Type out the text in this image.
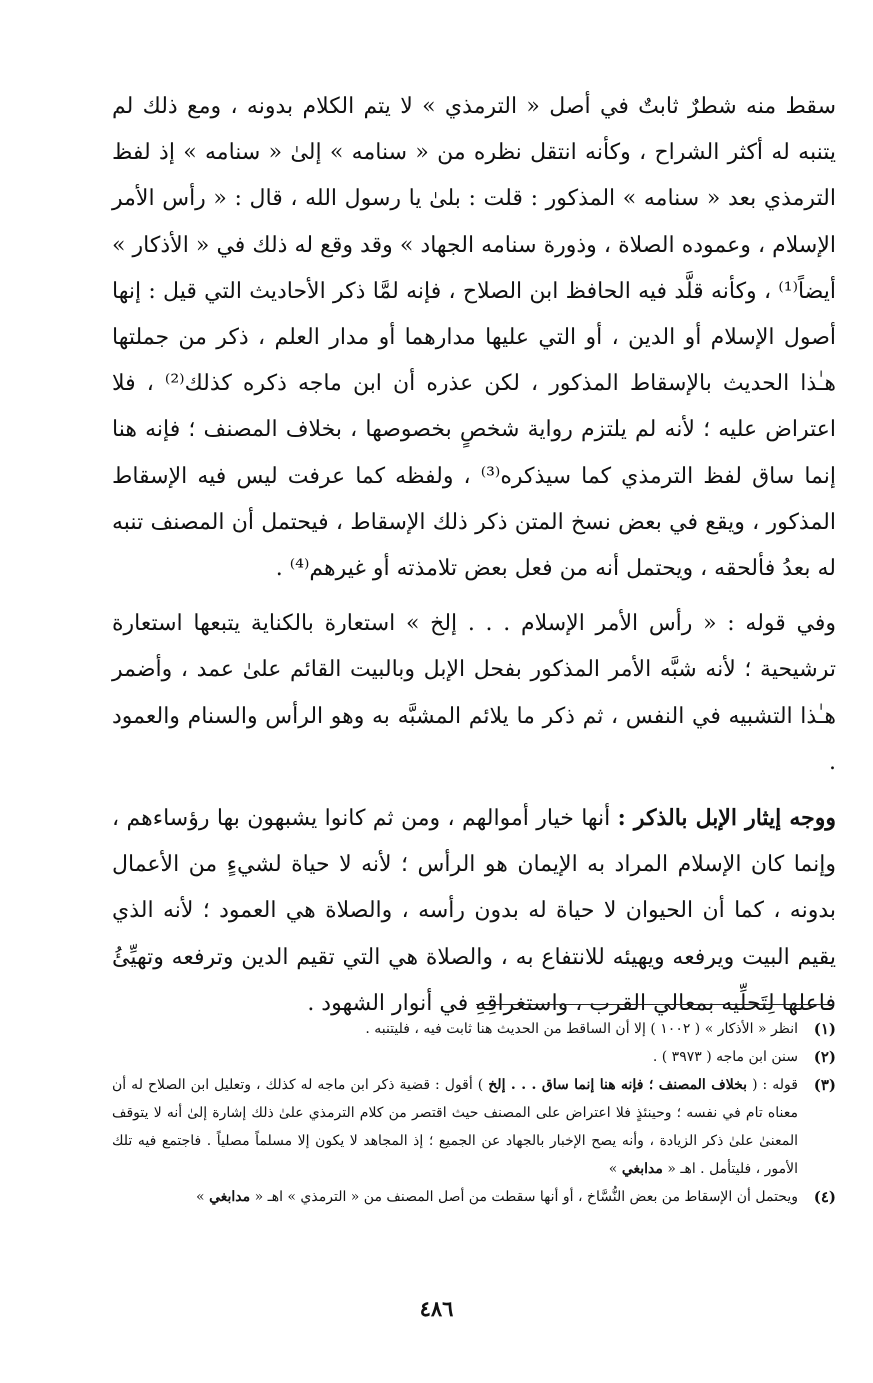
سقط منه شطرٌ ثابتٌ في أصل « الترمذي » لا يتم الكلام بدونه ، ومع ذلك لم يتنبه له أكثر الشراح ، وكأنه انتقل نظره من « سنامه » إلىٰ « سنامه » إذ لفظ الترمذي بعد « سنامه » المذكور : قلت : بلىٰ يا رسول الله ، قال : « رأس الأمر الإسلام ، وعموده الصلاة ، وذورة سنامه الجهاد » وقد وقع له ذلك في « الأذكار » أيضاً⁽¹⁾ ، وكأنه قلَّد فيه الحافظ ابن الصلاح ، فإنه لمَّا ذكر الأحاديث التي قيل : إنها أصول الإسلام أو الدين ، أو التي عليها مدارهما أو مدار العلم ، ذكر من جملتها هـٰذا الحديث بالإسقاط المذكور ، لكن عذره أن ابن ماجه ذكره كذلك⁽²⁾ ، فلا اعتراض عليه ؛ لأنه لم يلتزم رواية شخصٍ بخصوصها ، بخلاف المصنف ؛ فإنه هنا إنما ساق لفظ الترمذي كما سيذكره⁽³⁾ ، ولفظه كما عرفت ليس فيه الإسقاط المذكور ، ويقع في بعض نسخ المتن ذكر ذلك الإسقاط ، فيحتمل أن المصنف تنبه له بعدُ فألحقه ، ويحتمل أنه من فعل بعض تلامذته أو غيرهم⁽⁴⁾ .

وفي قوله : « رأس الأمر الإسلام . . . إلخ » استعارة بالكناية يتبعها استعارة ترشيحية ؛ لأنه شبَّه الأمر المذكور بفحل الإبل وبالبيت القائم علىٰ عمد ، وأضمر هـٰذا التشبيه في النفس ، ثم ذكر ما يلائم المشبَّه به وهو الرأس والسنام والعمود .

ووجه إيثار الإبل بالذكر : أنها خيار أموالهم ، ومن ثم كانوا يشبهون بها رؤساءهم ، وإنما كان الإسلام المراد به الإيمان هو الرأس ؛ لأنه لا حياة لشيءٍ من الأعمال بدونه ، كما أن الحيوان لا حياة له بدون رأسه ، والصلاة هي العمود ؛ لأنه الذي يقيم البيت ويرفعه ويهيئه للانتفاع به ، والصلاة هي التي تقيم الدين وترفعه وتهيِّئُ فاعلها لِتَحلِّيه بمعالي القرب ، واستغراقِهِ في أنوار الشهود .

(١)
انظر « الأذكار » ( ١٠٠٢ ) إلا أن الساقط من الحديث هنا ثابت فيه ، فليتنبه .
(٢)
سنن ابن ماجه ( ٣٩٧٣ ) .
(٣)
قوله : ( بخلاف المصنف ؛ فإنه هنا إنما ساق . . . إلخ ) أقول : قضية ذكر ابن ماجه له كذلك ، وتعليل ابن الصلاح له أن معناه تام في نفسه ؛ وحينئذٍ فلا اعتراض على المصنف حيث اقتصر من كلام الترمذي علىٰ ذلك إشارة إلىٰ أنه لا يتوقف المعنىٰ علىٰ ذكر الزيادة ، وأنه يصح الإخبار بالجهاد عن الجميع ؛ إذ المجاهد لا يكون إلا مسلماً مصلياً . فاجتمع فيه تلك الأمور ، فليتأمل . اهـ « مدابغي »
(٤)
ويحتمل أن الإسقاط من بعض النُّسَّاخ ، أو أنها سقطت من أصل المصنف من « الترمذي » اهـ « مدابغي »
٤٨٦
